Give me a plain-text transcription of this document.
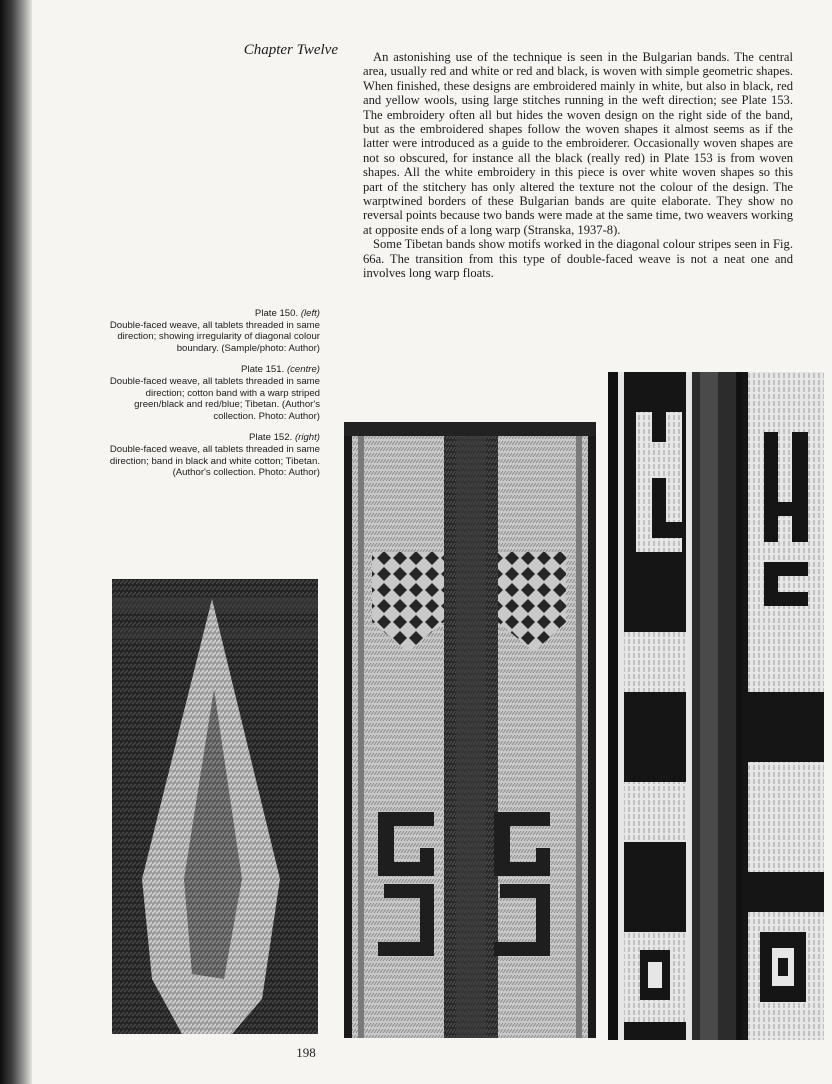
Chapter Twelve	An astonishing use of the technique is seen in the Bulgarian bands. The central area, usually red and white or red and black, is woven with simple geometric shapes. When finished, these designs are embroidered mainly in white, but also in black, red and yellow wools, using large stitches running in the weft direction; see Plate 153. The embroidery often all but hides the woven design on the right side of the band, but as the embroidered shapes follow the woven shapes it almost seems as if the latter were introduced as a guide to the embroiderer. Occasionally woven shapes are not so obscured, for instance all the black (really red) in Plate 153 is from woven shapes. All the white embroidery in this piece is over white woven shapes so this part of the stitchery has only altered the texture not the colour of the design. The warptwined borders of these Bulgarian bands are quite elaborate. They show no reversal points because two bands were made at the same time, two weavers working at opposite ends of a long warp (Stranska, 1937-8).

Some Tibetan bands show motifs worked in the diagonal colour stripes seen in Fig. 66a. The transition from this type of double-faced weave is not a neat one and involves long warp floats.

Plate 150. (left)
Double-faced weave, all tablets threaded in same direction; showing irregularity of diagonal colour boundary. (Sample/photo: Author)

Plate 151. (centre)
Double-faced weave, all tablets threaded in same direction; cotton band with a warp striped green/black and red/blue; Tibetan. (Author's collection. Photo: Author)

Plate 152. (right)
Double-faced weave, all tablets threaded in same direction; band in black and white cotton; Tibetan. (Author's collection. Photo: Author)

198
